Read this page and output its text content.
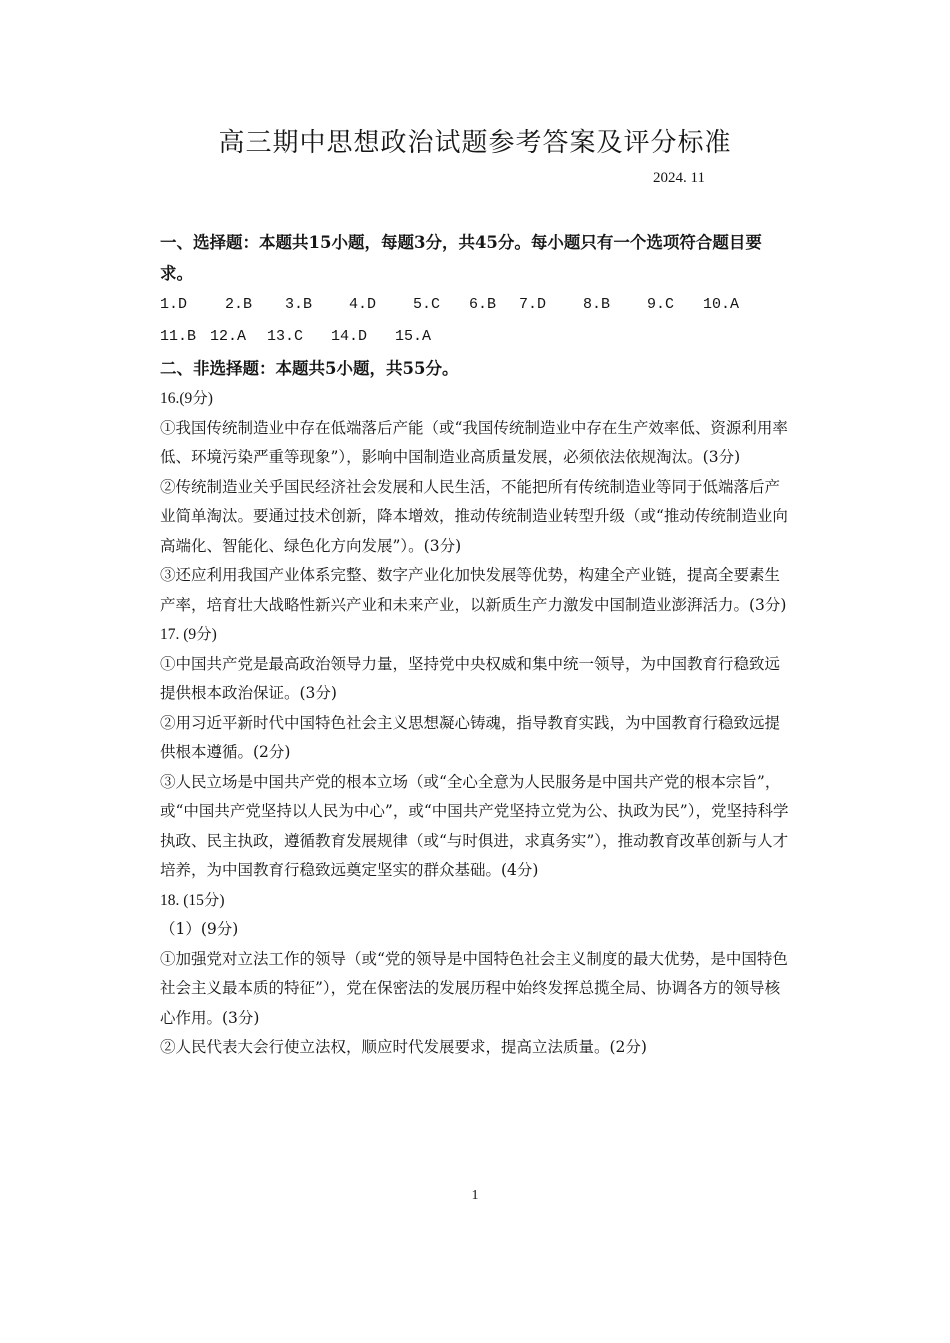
高三期中思想政治试题参考答案及评分标准
2024. 11

一、选择题：本题共15小题，每题3分，共45分。每小题只有一个选项符合题目要求。

1.D	2.B	3.B	4.D	5.C	6.B	7.D	8.B	9.C	10.A
11.B 12.A	13.C	14.D	15.A

二、非选择题：本题共5小题，共55分。

16.(9分)

①我国传统制造业中存在低端落后产能（或“我国传统制造业中存在生产效率低、资源利用率低、环境污染严重等现象”），影响中国制造业高质量发展，必须依法依规淘汰。(3分)

②传统制造业关乎国民经济社会发展和人民生活，不能把所有传统制造业等同于低端落后产业简单淘汰。要通过技术创新，降本增效，推动传统制造业转型升级（或“推动传统制造业向高端化、智能化、绿色化方向发展”）。(3分)

③还应利用我国产业体系完整、数字产业化加快发展等优势，构建全产业链，提高全要素生产率，培育壮大战略性新兴产业和未来产业，以新质生产力激发中国制造业澎湃活力。(3分)

17. (9分)

①中国共产党是最高政治领导力量，坚持党中央权威和集中统一领导，为中国教育行稳致远提供根本政治保证。(3分)

②用习近平新时代中国特色社会主义思想凝心铸魂，指导教育实践，为中国教育行稳致远提供根本遵循。(2分)

③人民立场是中国共产党的根本立场（或“全心全意为人民服务是中国共产党的根本宗旨”，或“中国共产党坚持以人民为中心”，或“中国共产党坚持立党为公、执政为民”），党坚持科学执政、民主执政，遵循教育发展规律（或“与时俱进，求真务实”），推动教育改革创新与人才培养，为中国教育行稳致远奠定坚实的群众基础。(4分)

18. (15分)

（1）(9分)

①加强党对立法工作的领导（或“党的领导是中国特色社会主义制度的最大优势，是中国特色社会主义最本质的特征”），党在保密法的发展历程中始终发挥总揽全局、协调各方的领导核心作用。(3分)

②人民代表大会行使立法权，顺应时代发展要求，提高立法质量。(2分)

1
